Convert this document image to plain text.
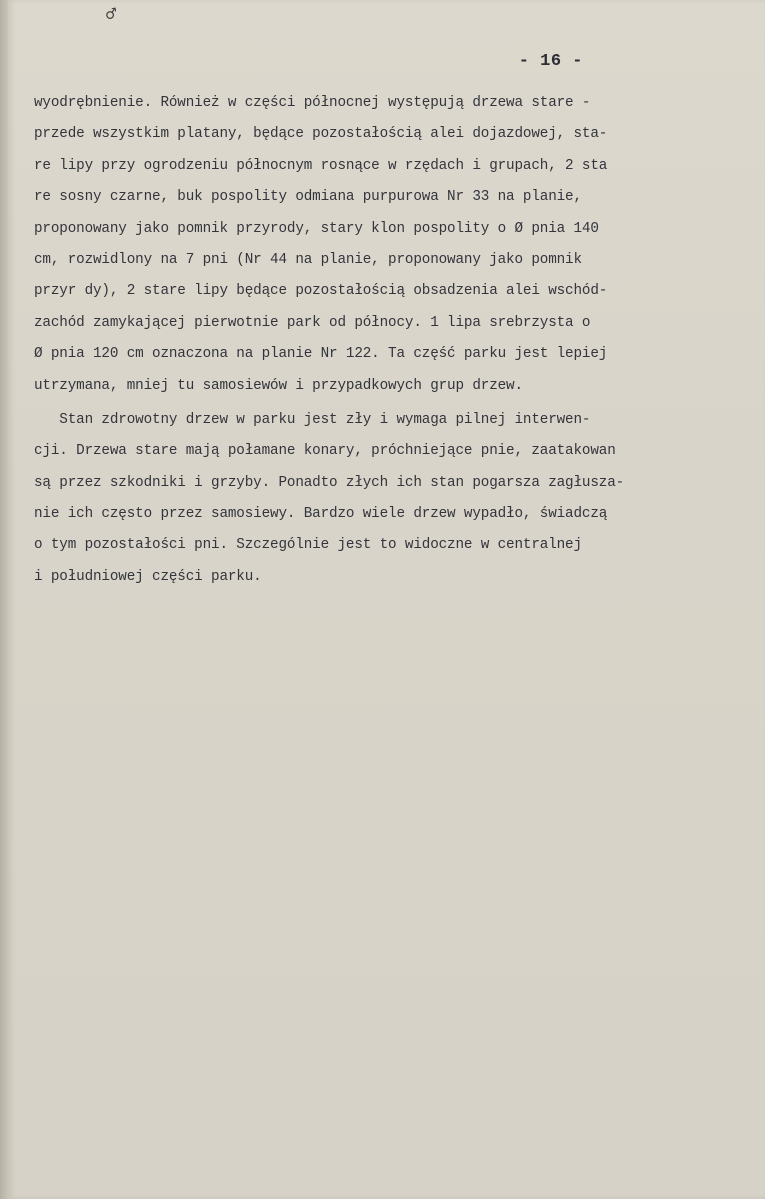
♂
- 16 -
wyodrębnienie. Również w części północnej występują drzewa stare -
przede wszystkim platany, będące pozostałością alei dojazdowej, sta-
re lipy przy ogrodzeniu północnym rosnące w rzędach i grupach, 2 sta
re sosny czarne, buk pospolity odmiana purpurowa Nr 33 na planie,
proponowany jako pomnik przyrody, stary klon pospolity o Ø pnia 140
cm, rozwidlony na 7 pni (Nr 44 na planie, proponowany jako pomnik
przyr dy), 2 stare lipy będące pozostałością obsadzenia alei wschód-
zachód zamykającej pierwotnie park od północy. 1 lipa srebrzysta o
Ø pnia 120 cm oznaczona na planie Nr 122. Ta część parku jest lepiej
utrzymana, mniej tu samosiewów i przypadkowych grup drzew.
Stan zdrowotny drzew w parku jest zły i wymaga pilnej interwen-
cji. Drzewa stare mają połamane konary, próchniejące pnie, zaatakowan
są przez szkodniki i grzyby. Ponadto złych ich stan pogarsza zagłusza-
nie ich często przez samosiewy. Bardzo wiele drzew wypadło, świadczą
o tym pozostałości pni. Szczególnie jest to widoczne w centralnej
i południowej części parku.
